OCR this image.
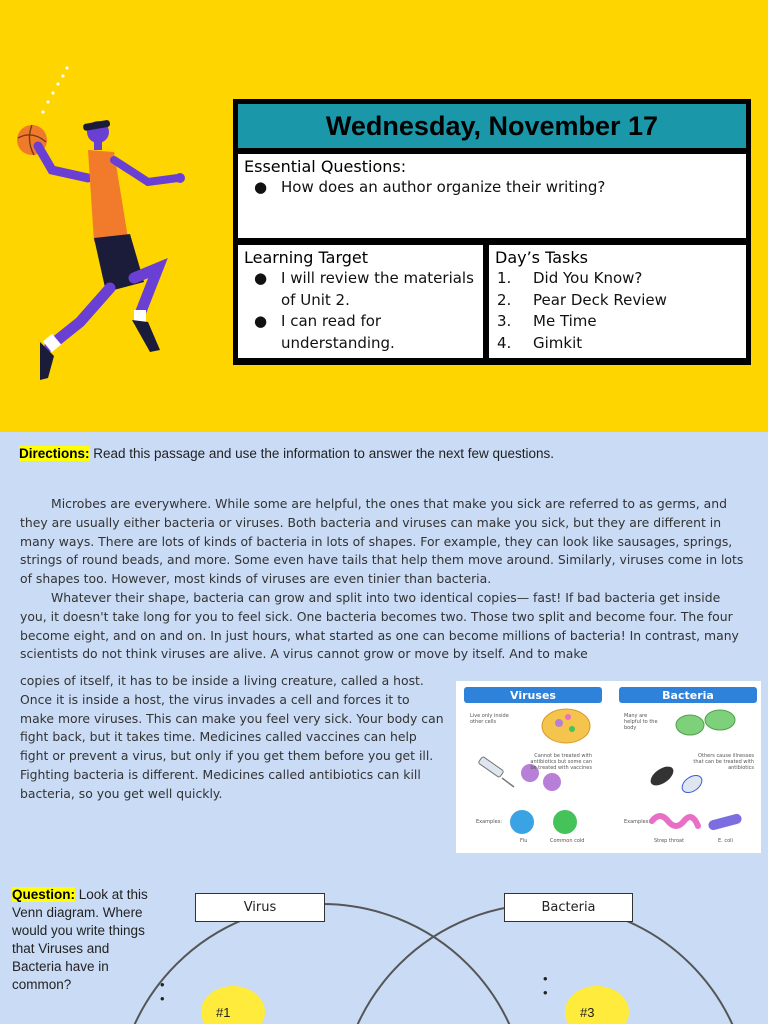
Wednesday, November 17
Essential Questions:
● How does an author organize their writing?
Learning Target
● I will review the materials of Unit 2.
● I can read for understanding.
Day’s Tasks
1.	Did You Know?
2.	Pear Deck Review
3.	Me Time
4.	Gimkit
Directions: Read this passage and use the information to answer the next few questions.

Microbes are everywhere. While some are helpful, the ones that make you sick are referred to as germs, and they are usually either bacteria or viruses. Both bacteria and viruses can make you sick, but they are different in many ways. There are lots of kinds of bacteria in lots of shapes. For example, they can look like sausages, springs, strings of round beads, and more. Some even have tails that help them move around. Similarly, viruses come in lots of shapes too. However, most kinds of viruses are even tinier than bacteria.

Whatever their shape, bacteria can grow and split into two identical copies— fast! If bad bacteria get inside you, it doesn't take long for you to feel sick. One bacteria becomes two. Those two split and become four. The four become eight, and on and on. In just hours, what started as one can become millions of bacteria! In contrast, many scientists do not think viruses are alive. A virus cannot grow or move by itself. And to make

copies of itself, it has to be inside a living creature, called a host. Once it is inside a host, the virus invades a cell and forces it to make more viruses. This can make you feel very sick. Your body can fight back, but it takes time. Medicines called vaccines can help fight or prevent a virus, but only if you get them before you get ill. Fighting bacteria is different. Medicines called antibiotics can kill bacteria, so you get well quickly.
Viruses	Bacteria
Live only inside other cells
Cannot be treated with antibiotics but some can be treated with vaccines
Examples:
Flu	Common cold
Many are helpful to the body
Others cause illnesses that can be treated with antibiotics
Examples:
Strep throat	E. coli
Question: Look at this Venn diagram. Where would you write things that Viruses and Bacteria have in common?
Virus	Bacteria
•
•
•
•
#1	#3
